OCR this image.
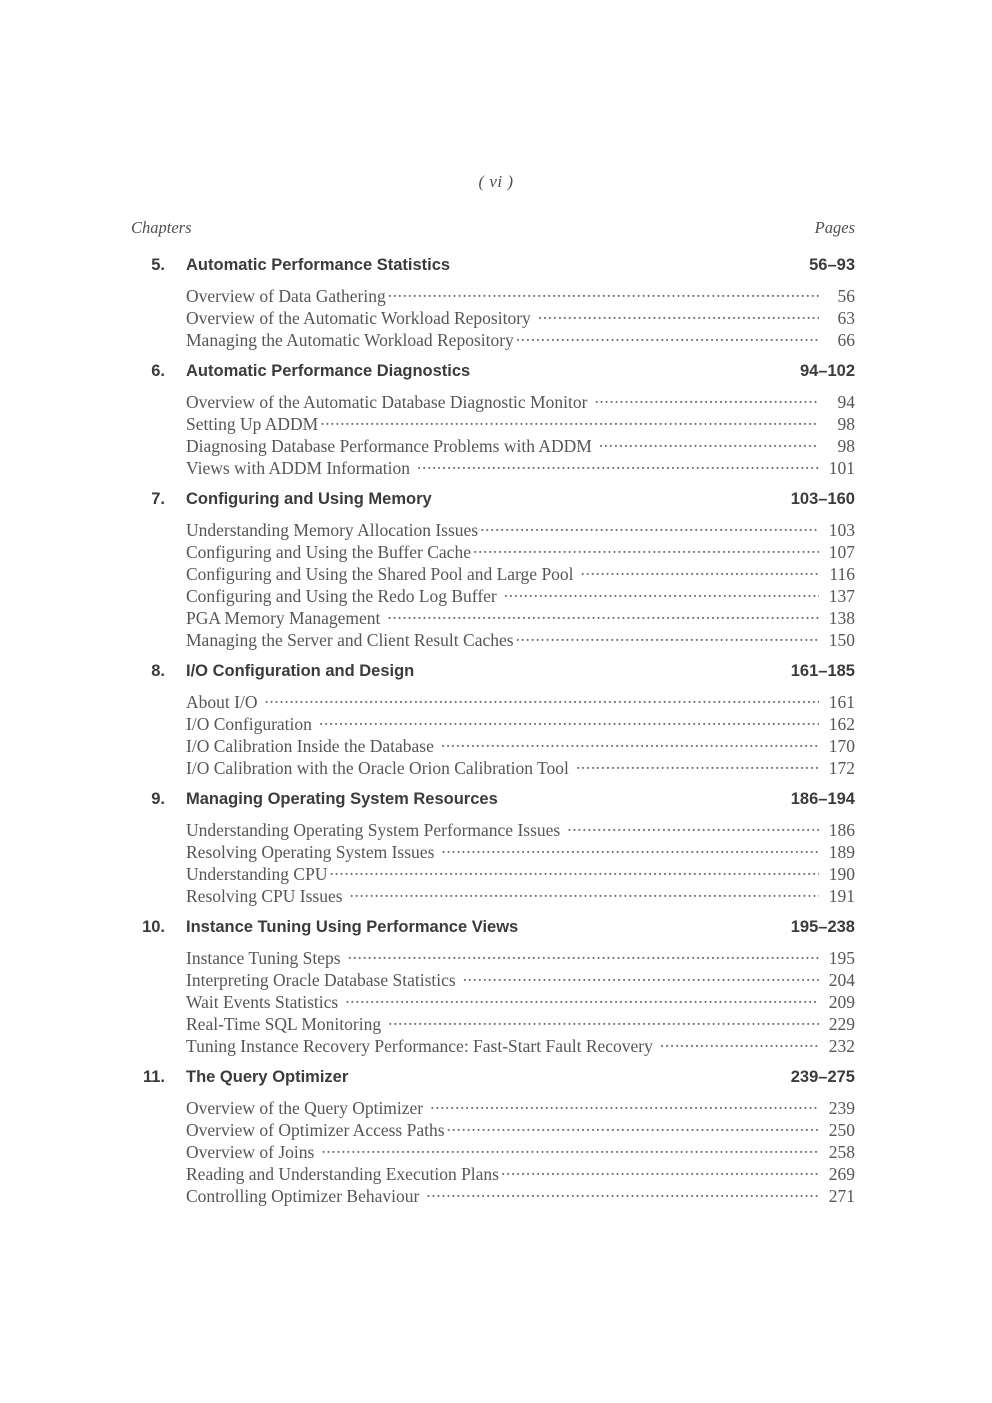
( vi )
Chapters	Pages
5.	Automatic Performance Statistics	56–93
Overview of Data Gathering .....	56
Overview of the Automatic Workload Repository .....	63
Managing the Automatic Workload Repository .....	66
6.	Automatic Performance Diagnostics	94–102
Overview of the Automatic Database Diagnostic Monitor .....	94
Setting Up ADDM .....	98
Diagnosing Database Performance Problems with ADDM .....	98
Views with ADDM Information .....	101
7.	Configuring and Using Memory	103–160
Understanding Memory Allocation Issues .....	103
Configuring and Using the Buffer Cache .....	107
Configuring and Using the Shared Pool and Large Pool .....	116
Configuring and Using the Redo Log Buffer .....	137
PGA Memory Management .....	138
Managing the Server and Client Result Caches .....	150
8.	I/O Configuration and Design	161–185
About I/O .....	161
I/O Configuration .....	162
I/O Calibration Inside the Database .....	170
I/O Calibration with the Oracle Orion Calibration Tool .....	172
9.	Managing Operating System Resources	186–194
Understanding Operating System Performance Issues .....	186
Resolving Operating System Issues .....	189
Understanding CPU .....	190
Resolving CPU Issues .....	191
10.	Instance Tuning Using Performance Views	195–238
Instance Tuning Steps .....	195
Interpreting Oracle Database Statistics .....	204
Wait Events Statistics .....	209
Real-Time SQL Monitoring .....	229
Tuning Instance Recovery Performance: Fast-Start Fault Recovery .....	232
11.	The Query Optimizer	239–275
Overview of the Query Optimizer .....	239
Overview of Optimizer Access Paths .....	250
Overview of Joins .....	258
Reading and Understanding Execution Plans .....	269
Controlling Optimizer Behaviour .....	271
